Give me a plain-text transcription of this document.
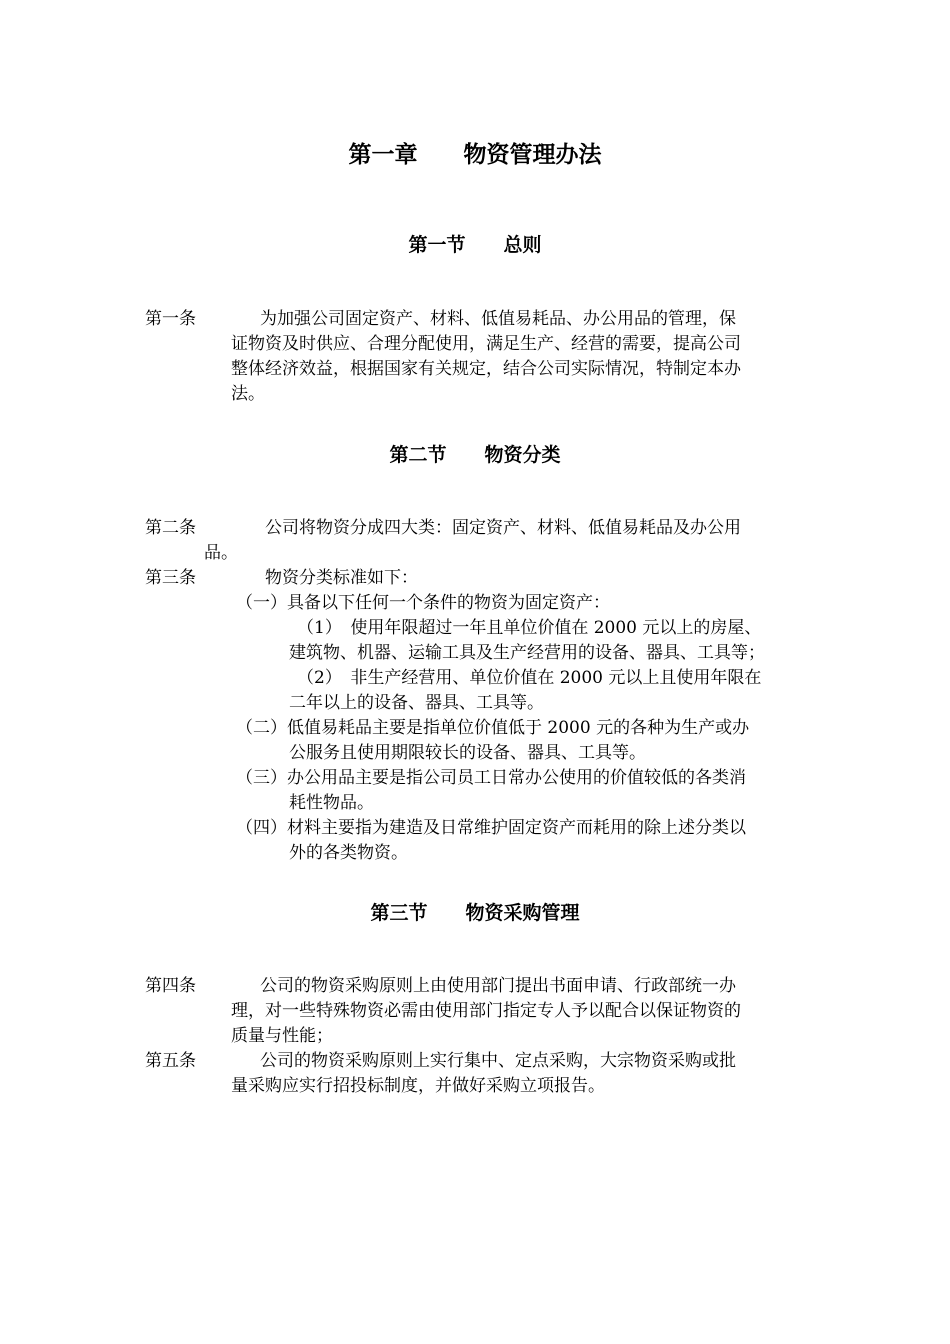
第一章　　物资管理办法
第一节　　总则
第一条	为加强公司固定资产、材料、低值易耗品、办公用品的管理，保
证物资及时供应、合理分配使用，满足生产、经营的需要，提高公司
整体经济效益，根据国家有关规定，结合公司实际情况，特制定本办
法。
第二节　　物资分类
第二条	公司将物资分成四大类：固定资产、材料、低值易耗品及办公用
品。
第三条	物资分类标准如下：
（一）具备以下任何一个条件的物资为固定资产：
（1）　使用年限超过一年且单位价值在 2000 元以上的房屋、
建筑物、机器、运输工具及生产经营用的设备、器具、工具等；
（2）　非生产经营用、单位价值在 2000 元以上且使用年限在
二年以上的设备、器具、工具等。
（二）低值易耗品主要是指单位价值低于 2000 元的各种为生产或办
公服务且使用期限较长的设备、器具、工具等。
（三）办公用品主要是指公司员工日常办公使用的价值较低的各类消
耗性物品。
（四）材料主要指为建造及日常维护固定资产而耗用的除上述分类以
外的各类物资。
第三节　　物资采购管理
第四条	公司的物资采购原则上由使用部门提出书面申请、行政部统一办
理，对一些特殊物资必需由使用部门指定专人予以配合以保证物资的
质量与性能；
第五条	公司的物资采购原则上实行集中、定点采购，大宗物资采购或批
量采购应实行招投标制度，并做好采购立项报告。
